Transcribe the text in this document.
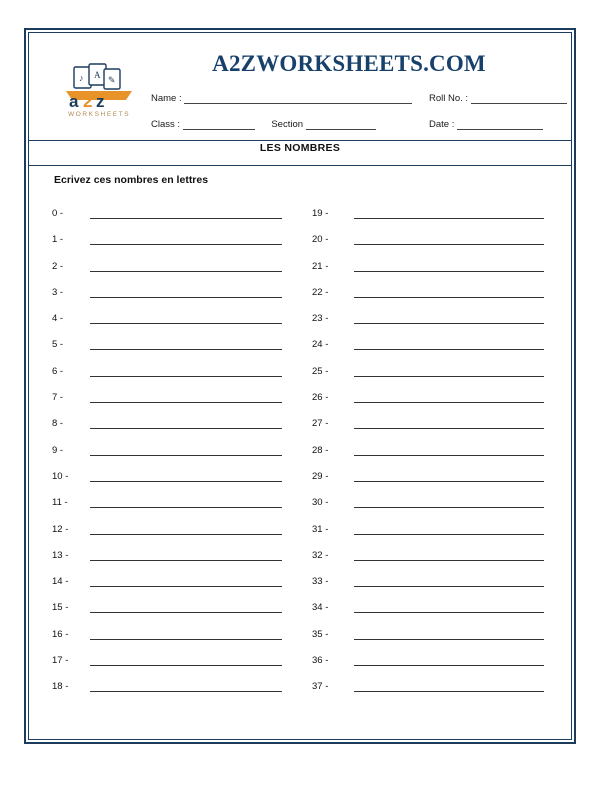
♪ A ✎
a 2 z
WORKSHEETS
A2ZWORKSHEETS.COM
Name :	Roll No. :
Class :	Section	Date :
LES NOMBRES
Ecrivez ces nombres en lettres
0 -
1 -
2 -
3 -
4 -
5 -
6 -
7 -
8 -
9 -
10 -
11 -
12 -
13 -
14 -
15 -
16 -
17 -
18 -
19 -
20 -
21 -
22 -
23 -
24 -
25 -
26 -
27 -
28 -
29 -
30 -
31 -
32 -
33 -
34 -
35 -
36 -
37 -
